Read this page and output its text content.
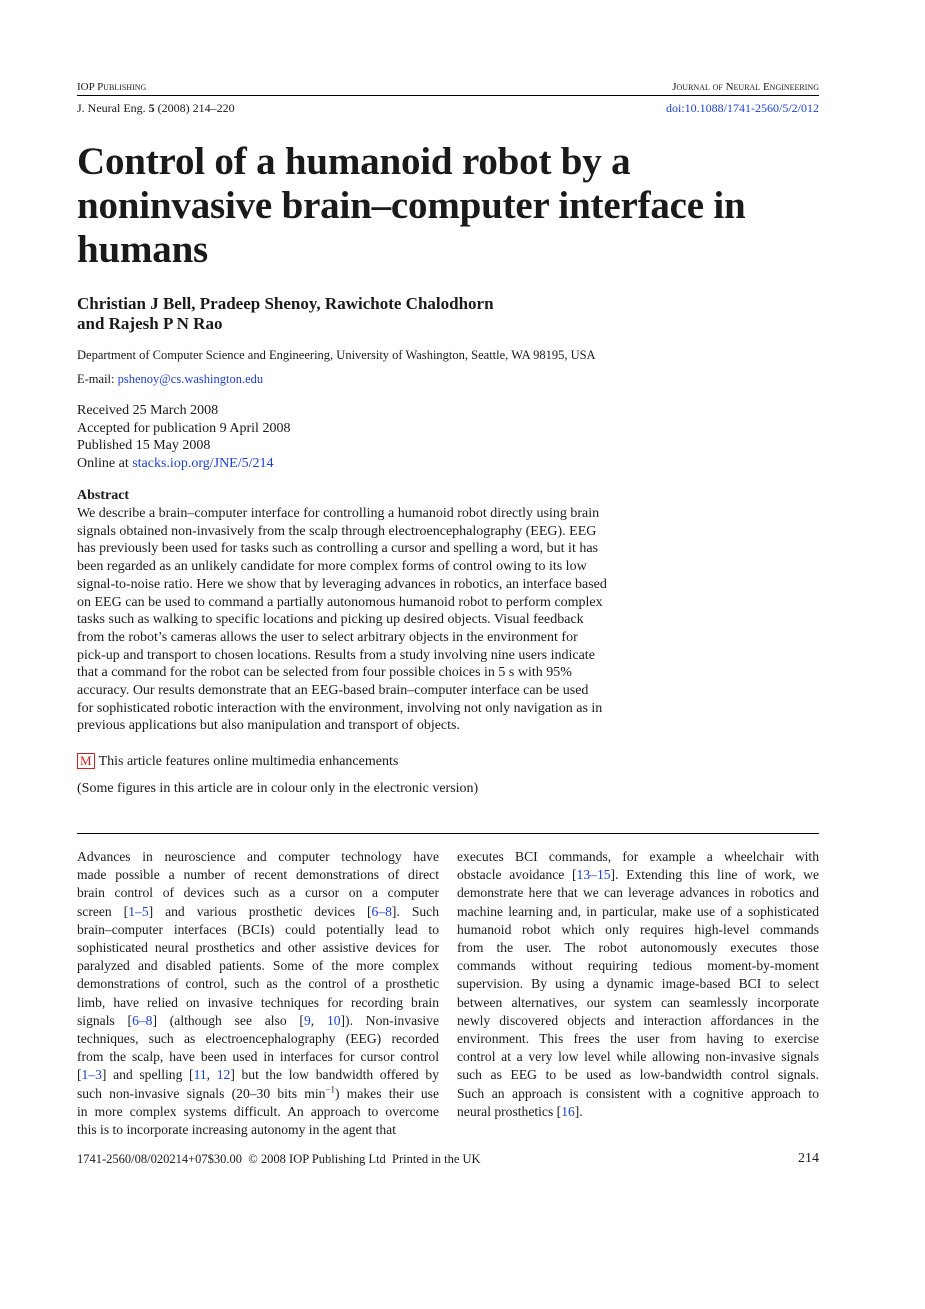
IOP Publishing	Journal of Neural Engineering
J. Neural Eng. 5 (2008) 214–220	doi:10.1088/1741-2560/5/2/012
Control of a humanoid robot by a
noninvasive brain–computer interface in
humans
Christian J Bell, Pradeep Shenoy, Rawichote Chalodhorn
and Rajesh P N Rao
Department of Computer Science and Engineering, University of Washington, Seattle, WA 98195, USA
E-mail: pshenoy@cs.washington.edu
Received 25 March 2008
Accepted for publication 9 April 2008
Published 15 May 2008
Online at stacks.iop.org/JNE/5/214
Abstract
We describe a brain–computer interface for controlling a humanoid robot directly using brain
signals obtained non-invasively from the scalp through electroencephalography (EEG). EEG
has previously been used for tasks such as controlling a cursor and spelling a word, but it has
been regarded as an unlikely candidate for more complex forms of control owing to its low
signal-to-noise ratio. Here we show that by leveraging advances in robotics, an interface based
on EEG can be used to command a partially autonomous humanoid robot to perform complex
tasks such as walking to specific locations and picking up desired objects. Visual feedback
from the robot’s cameras allows the user to select arbitrary objects in the environment for
pick-up and transport to chosen locations. Results from a study involving nine users indicate
that a command for the robot can be selected from four possible choices in 5 s with 95%
accuracy. Our results demonstrate that an EEG-based brain–computer interface can be used
for sophisticated robotic interaction with the environment, involving not only navigation as in
previous applications but also manipulation and transport of objects.
M This article features online multimedia enhancements
(Some figures in this article are in colour only in the electronic version)
Advances in neuroscience and computer technology have
made possible a number of recent demonstrations of direct
brain control of devices such as a cursor on a computer
screen [1–5] and various prosthetic devices [6–8]. Such
brain–computer interfaces (BCIs) could potentially lead to
sophisticated neural prosthetics and other assistive devices for
paralyzed and disabled patients. Some of the more complex
demonstrations of control, such as the control of a prosthetic
limb, have relied on invasive techniques for recording brain
signals [6–8] (although see also [9, 10]). Non-invasive
techniques, such as electroencephalography (EEG) recorded
from the scalp, have been used in interfaces for cursor control
[1–3] and spelling [11, 12] but the low bandwidth offered by
such non-invasive signals (20–30 bits $\min^{-1}$) makes their use
in more complex systems difficult. An approach to overcome
this is to incorporate increasing autonomy in the agent that
executes BCI commands, for example a wheelchair with
obstacle avoidance [13–15]. Extending this line of work, we
demonstrate here that we can leverage advances in robotics and
machine learning and, in particular, make use of a sophisticated
humanoid robot which only requires high-level commands
from the user. The robot autonomously executes those
commands without requiring tedious moment-by-moment
supervision. By using a dynamic image-based BCI to select
between alternatives, our system can seamlessly incorporate
newly discovered objects and interaction affordances in the
environment. This frees the user from having to exercise
control at a very low level while allowing non-invasive signals
such as EEG to be used as low-bandwidth control signals.
Such an approach is consistent with a cognitive approach to
neural prosthetics [16].
1741-2560/08/020214+07$30.00  © 2008 IOP Publishing Ltd  Printed in the UK	214
